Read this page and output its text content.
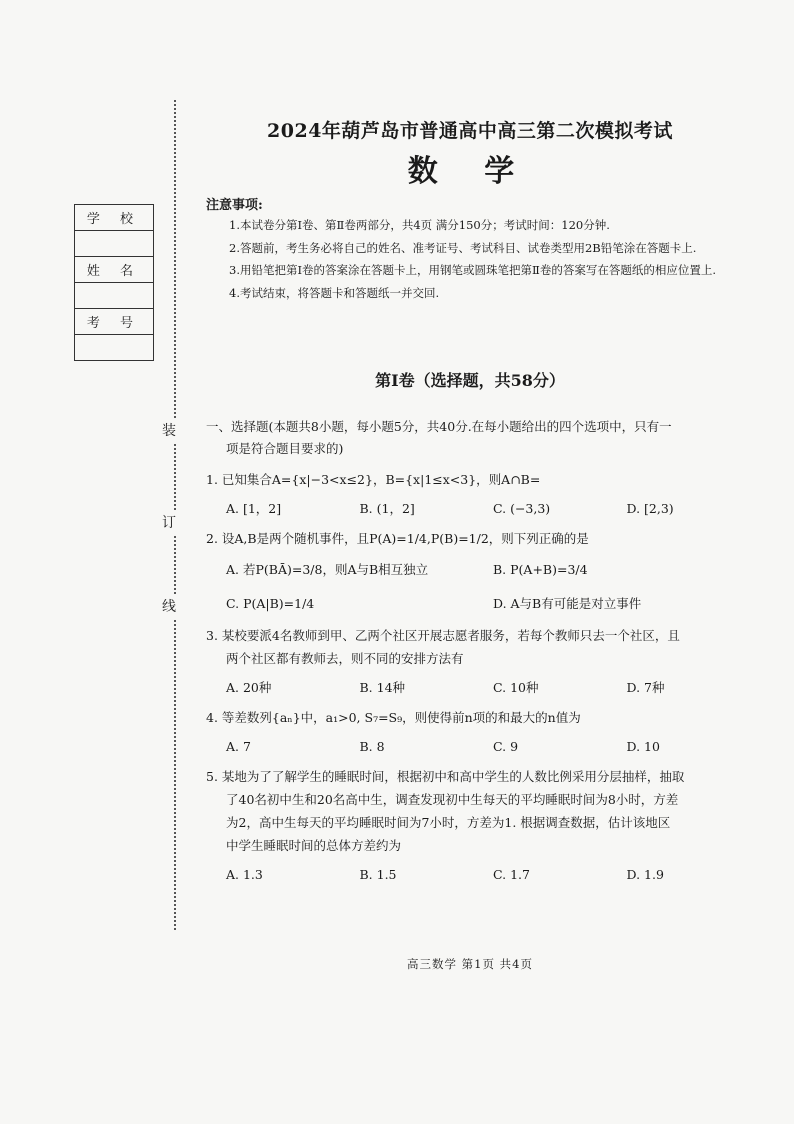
装
订
线
学 校

姓 名

考 号

2024年葫芦岛市普通高中高三第二次模拟考试
数 学
注意事项:

1.本试卷分第Ⅰ卷、第Ⅱ卷两部分，共4页 满分150分；考试时间：120分钟.

2.答题前，考生务必将自己的姓名、准考证号、考试科目、试卷类型用2B铅笔涂在答题卡上.

3.用铅笔把第Ⅰ卷的答案涂在答题卡上，用钢笔或圆珠笔把第Ⅱ卷的答案写在答题纸的相应位置上.

4.考试结束，将答题卡和答题纸一并交回.

第Ⅰ卷（选择题，共58分）
一、选择题(本题共8小题，每小题5分，共40分.在每小题给出的四个选项中，只有一
项是符合题目要求的)
1. 已知集合A={x|−3<x≤2}，B={x|1≤x<3}，则A∩B=
A. [1，2]	B. (1，2]	C. (−3,3)	D. [2,3)
2. 设A,B是两个随机事件，且P(A)=1/4,P(B)=1/2，则下列正确的是
A. 若P(BĀ)=3/8，则A与B相互独立	B. P(A+B)=3/4
C. P(A|B)=1/4	D. A与B有可能是对立事件
3. 某校要派4名教师到甲、乙两个社区开展志愿者服务，若每个教师只去一个社区，且
两个社区都有教师去，则不同的安排方法有
A. 20种	B. 14种	C. 10种	D. 7种
4. 等差数列{aₙ}中，a₁>0, S₇=S₉，则使得前n项的和最大的n值为
A. 7	B. 8	C. 9	D. 10
5. 某地为了了解学生的睡眠时间，根据初中和高中学生的人数比例采用分层抽样，抽取
了40名初中生和20名高中生，调查发现初中生每天的平均睡眠时间为8小时，方差
为2，高中生每天的平均睡眠时间为7小时，方差为1. 根据调查数据，估计该地区
中学生睡眠时间的总体方差约为
A. 1.3	B. 1.5	C. 1.7	D. 1.9
高三数学 第1页 共4页
